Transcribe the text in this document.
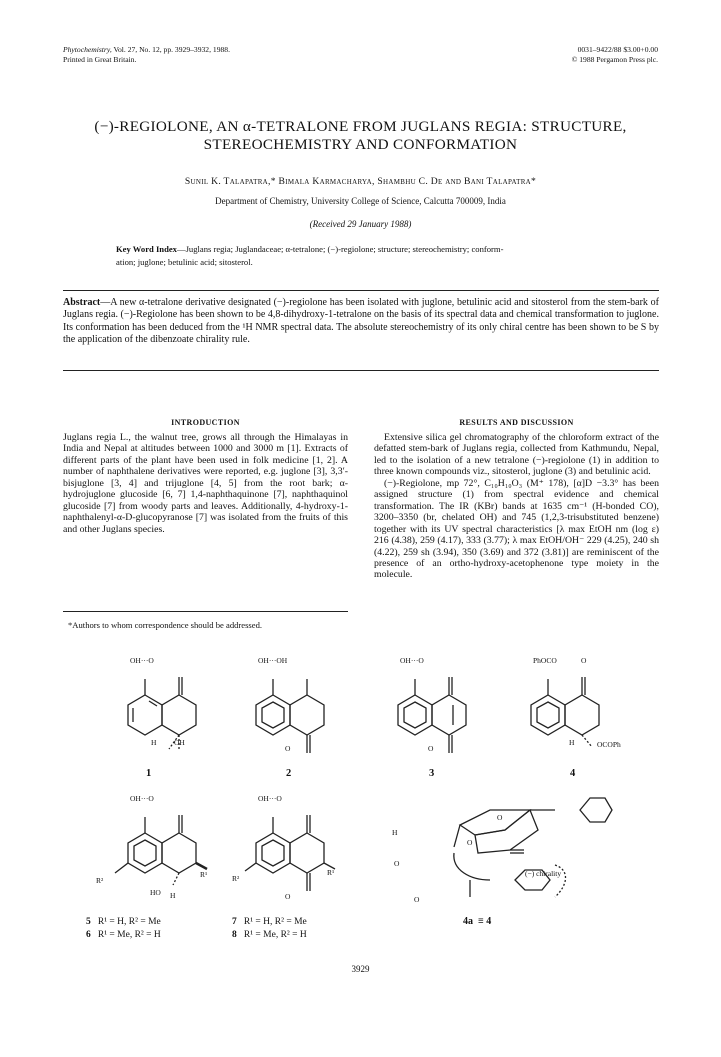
Phytochemistry, Vol. 27, No. 12, pp. 3929–3932, 1988.
Printed in Great Britain.
0031–9422/88 $3.00+0.00
© 1988 Pergamon Press plc.
(−)-REGIOLONE, AN α-TETRALONE FROM JUGLANS REGIA: STRUCTURE,
STEREOCHEMISTRY AND CONFORMATION
Sunil K. Talapatra,* Bimala Karmacharya, Shambhu C. De and Bani Talapatra*
Department of Chemistry, University College of Science, Calcutta 700009, India
(Received 29 January 1988)
Key Word Index—Juglans regia; Juglandaceae; α-tetralone; (−)-regiolone; structure; stereochemistry; conform-
ation; juglone; betulinic acid; sitosterol.
Abstract—A new α-tetralone derivative designated (−)-regiolone has been isolated with juglone, betulinic acid and sitosterol from the stem-bark of Juglans regia. (−)-Regiolone has been shown to be 4,8-dihydroxy-1-tetralone on the basis of its spectral data and chemical transformation to juglone. Its conformation has been deduced from the ¹H NMR spectral data. The absolute stereochemistry of its only chiral centre has been shown to be S by the application of the dibenzoate chirality rule.
INTRODUCTION
Juglans regia L., the walnut tree, grows all through the Himalayas in India and Nepal at altitudes between 1000 and 3000 m [1]. Extracts of different parts of the plant have been used in folk medicine [1, 2]. A number of naphthalene derivatives were reported, e.g. juglone [3], 3,3′-bisjuglone [3, 4] and trijuglone [4, 5] from the root bark; α-hydrojuglone glucoside [6, 7] 1,4-naphthaquinone [7], naphthaquinol glucoside [7] from woody parts and leaves. Additionally, 4-hydroxy-1-naphthalenyl-α-D-glucopyranose [7] was isolated from the fruits of this and other Juglans species.
*Authors to whom correspondence should be addressed.
RESULTS AND DISCUSSION

Extensive silica gel chromatography of the chloroform extract of the defatted stem-bark of Juglans regia, collected from Kathmundu, Nepal, led to the isolation of a new tetralone (−)-regiolone (1) in addition to three known compounds viz., sitosterol, juglone (3) and betulinic acid.

(−)-Regiolone, mp 72°, C₁₀H₁₀O₃ (M⁺ 178), [α]D −3.3° has been assigned structure (1) from spectral evidence and chemical transformation. The IR (KBr) bands at 1635 cm⁻¹ (H-bonded CO), 3200–3350 (br, chelated OH) and 745 (1,2,3-trisubstituted benzene) together with its UV spectral characteristics [λ max EtOH nm (log ε) 216 (4.38), 259 (4.17), 333 (3.77); λ max EtOH/OH⁻ 229 (4.25), 240 sh (4.22), 259 sh (3.94), 350 (3.69) and 372 (3.81)] are reminiscent of the presence of an ortho-hydroxy-acetophenone type moiety in the molecule.

OH···O
H OH
OH···OH
O
OH···O
O
PhOCO	O
H	OCOPh
1	2	3	4
OH···O
R²
R¹
HO H
OH···O
R²
R¹
O
H
O
O
O
O
(−) chirality
5 R¹ = H, R² = Me
6 R¹ = Me, R² = H
7 R¹ = H, R² = Me
8 R¹ = Me, R² = H
4a ≡ 4
3929
